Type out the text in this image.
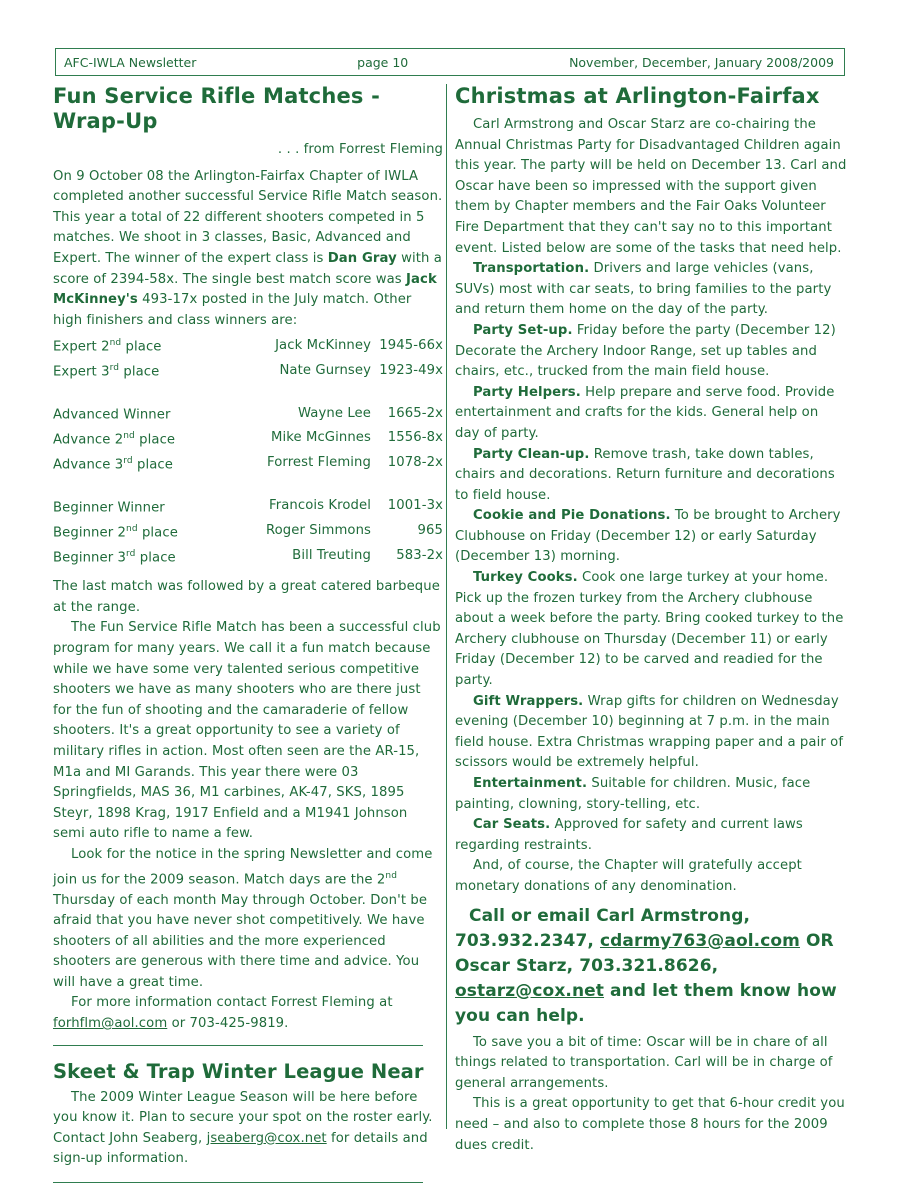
AFC-IWLA Newsletter	page 10	November, December, January 2008/2009
Fun Service Rifle Matches - Wrap-Up

. . . from Forrest Fleming

On 9 October 08 the Arlington-Fairfax Chapter of IWLA completed another successful Service Rifle Match season. This year a total of 22 different shooters competed in 5 matches. We shoot in 3 classes, Basic, Advanced and Expert. The winner of the expert class is Dan Gray with a score of 2394-58x. The single best match score was Jack McKinney's 493-17x posted in the July match. Other high finishers and class winners are:

Expert 2nd place	Jack McKinney	1945-66x
Expert 3rd place	Nate Gurnsey	1923-49x

Advanced Winner	Wayne Lee	1665-2x
Advance 2nd place	Mike McGinnes	1556-8x
Advance 3rd place	Forrest Fleming	1078-2x

Beginner Winner	Francois Krodel	1001-3x
Beginner 2nd place	Roger Simmons	965
Beginner 3rd place	Bill Treuting	583-2x

The last match was followed by a great catered barbeque at the range.

The Fun Service Rifle Match has been a successful club program for many years. We call it a fun match because while we have some very talented serious competitive shooters we have as many shooters who are there just for the fun of shooting and the camaraderie of fellow shooters. It's a great opportunity to see a variety of military rifles in action. Most often seen are the AR-15, M1a and MI Garands. This year there were 03 Springfields, MAS 36, M1 carbines, AK-47, SKS, 1895 Steyr, 1898 Krag, 1917 Enfield and a M1941 Johnson semi auto rifle to name a few.

Look for the notice in the spring Newsletter and come join us for the 2009 season. Match days are the 2nd Thursday of each month May through October. Don't be afraid that you have never shot competitively. We have shooters of all abilities and the more experienced shooters are generous with there time and advice. You will have a great time.

For more information contact Forrest Fleming at forhflm@aol.com or 703-425-9819.

Skeet & Trap Winter League Near

The 2009 Winter League Season will be here before you know it. Plan to secure your spot on the roster early. Contact John Seaberg, jseaberg@cox.net for details and sign-up information.

Christmas at Arlington-Fairfax

Carl Armstrong and Oscar Starz are co-chairing the Annual Christmas Party for Disadvantaged Children again this year. The party will be held on December 13. Carl and Oscar have been so impressed with the support given them by Chapter members and the Fair Oaks Volunteer Fire Department that they can't say no to this important event. Listed below are some of the tasks that need help.

Transportation. Drivers and large vehicles (vans, SUVs) most with car seats, to bring families to the party and return them home on the day of the party.

Party Set-up. Friday before the party (December 12) Decorate the Archery Indoor Range, set up tables and chairs, etc., trucked from the main field house.

Party Helpers. Help prepare and serve food. Provide entertainment and crafts for the kids. General help on day of party.

Party Clean-up. Remove trash, take down tables, chairs and decorations. Return furniture and decorations to field house.

Cookie and Pie Donations. To be brought to Archery Clubhouse on Friday (December 12) or early Saturday (December 13) morning.

Turkey Cooks. Cook one large turkey at your home. Pick up the frozen turkey from the Archery clubhouse about a week before the party. Bring cooked turkey to the Archery clubhouse on Thursday (December 11) or early Friday (December 12) to be carved and readied for the party.

Gift Wrappers. Wrap gifts for children on Wednesday evening (December 10) beginning at 7 p.m. in the main field house. Extra Christmas wrapping paper and a pair of scissors would be extremely helpful.

Entertainment. Suitable for children. Music, face painting, clowning, story-telling, etc.

Car Seats. Approved for safety and current laws regarding restraints.

And, of course, the Chapter will gratefully accept monetary donations of any denomination.

Call or email Carl Armstrong, 703.932.2347, cdarmy763@aol.com OR Oscar Starz, 703.321.8626, ostarz@cox.net and let them know how you can help.

To save you a bit of time: Oscar will be in chare of all things related to transportation. Carl will be in charge of general arrangements.

This is a great opportunity to get that 6-hour credit you need – and also to complete those 8 hours for the 2009 dues credit.
